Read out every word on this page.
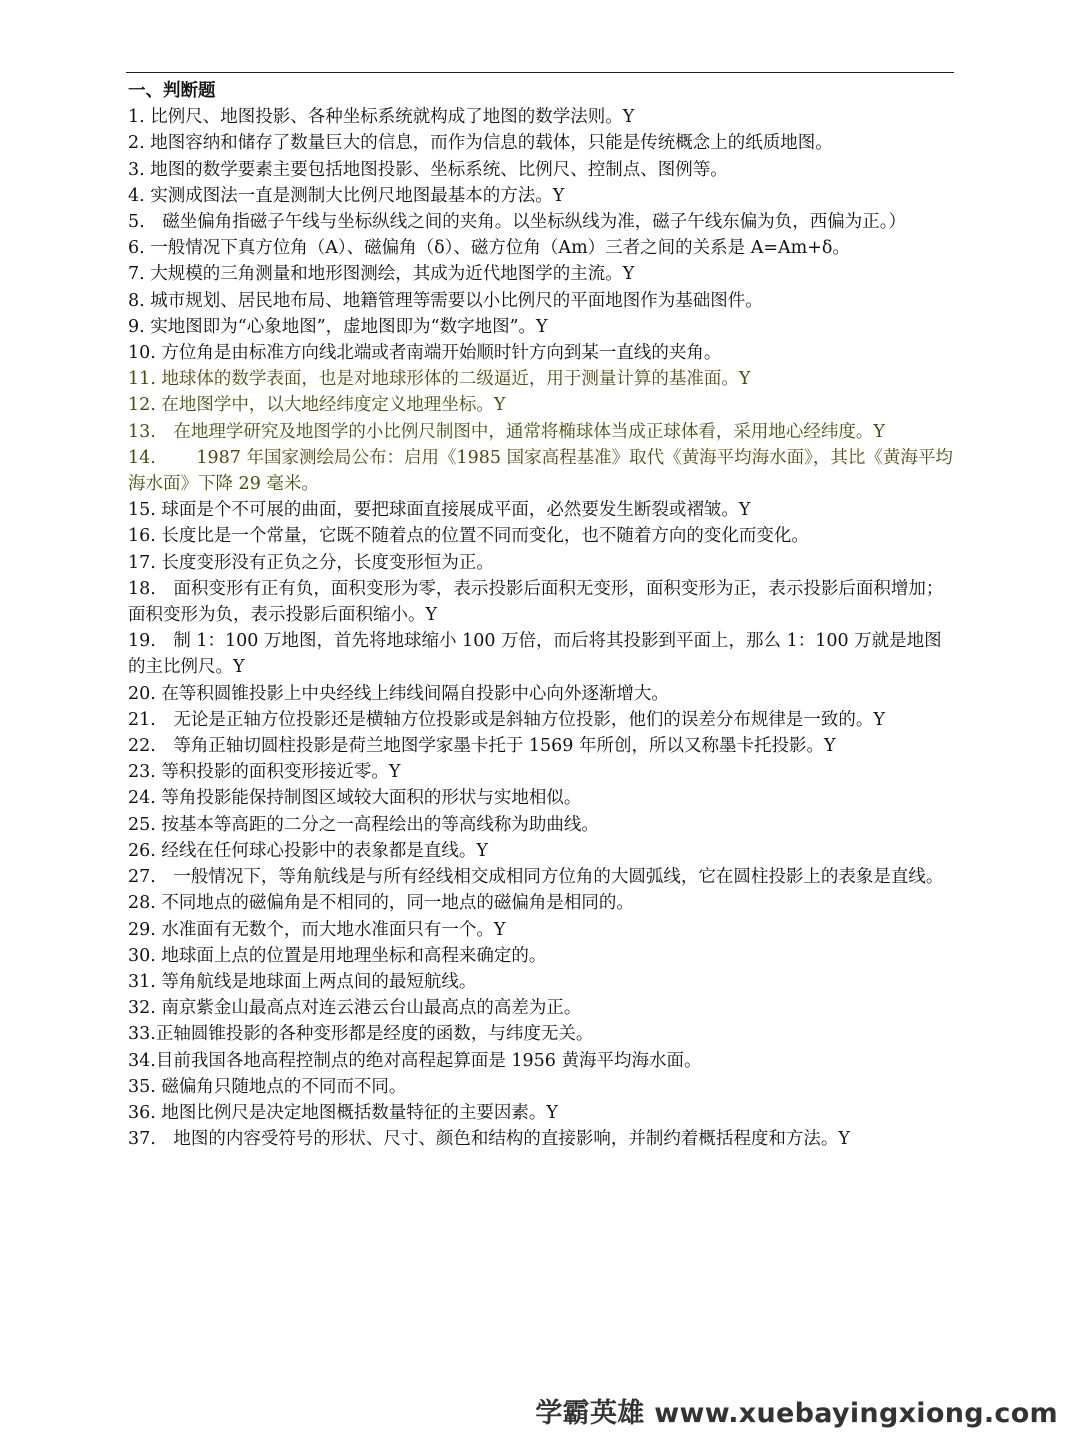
一、判断题

1. 比例尺、地图投影、各种坐标系统就构成了地图的数学法则。Y

2. 地图容纳和储存了数量巨大的信息，而作为信息的载体，只能是传统概念上的纸质地图。

3. 地图的数学要素主要包括地图投影、坐标系统、比例尺、控制点、图例等。

4. 实测成图法一直是测制大比例尺地图最基本的方法。Y

5.　磁坐偏角指磁子午线与坐标纵线之间的夹角。以坐标纵线为准，磁子午线东偏为负，西偏为正。）

6. 一般情况下真方位角（A）、磁偏角（δ）、磁方位角（Am）三者之间的关系是 A=Am+δ。

7. 大规模的三角测量和地形图测绘，其成为近代地图学的主流。Y

8. 城市规划、居民地布局、地籍管理等需要以小比例尺的平面地图作为基础图件。

9. 实地图即为“心象地图”，虚地图即为“数字地图”。Y

10. 方位角是由标准方向线北端或者南端开始顺时针方向到某一直线的夹角。

11. 地球体的数学表面，也是对地球形体的二级逼近，用于测量计算的基准面。Y

12. 在地图学中，以大地经纬度定义地理坐标。Y

13.　在地理学研究及地图学的小比例尺制图中，通常将椭球体当成正球体看，采用地心经纬度。Y

14.　　 1987 年国家测绘局公布：启用《1985 国家高程基准》取代《黄海平均海水面》，其比《黄海平均海水面》下降 29 毫米。

15. 球面是个不可展的曲面，要把球面直接展成平面，必然要发生断裂或褶皱。Y

16. 长度比是一个常量，它既不随着点的位置不同而变化，也不随着方向的变化而变化。

17. 长度变形没有正负之分，长度变形恒为正。

18.　面积变形有正有负，面积变形为零，表示投影后面积无变形，面积变形为正，表示投影后面积增加；面积变形为负，表示投影后面积缩小。Y

19.　制 1：100 万地图，首先将地球缩小 100 万倍，而后将其投影到平面上，那么 1：100 万就是地图的主比例尺。Y

20. 在等积圆锥投影上中央经线上纬线间隔自投影中心向外逐渐增大。

21.　无论是正轴方位投影还是横轴方位投影或是斜轴方位投影，他们的误差分布规律是一致的。Y

22.　等角正轴切圆柱投影是荷兰地图学家墨卡托于 1569 年所创，所以又称墨卡托投影。Y

23. 等积投影的面积变形接近零。Y

24. 等角投影能保持制图区域较大面积的形状与实地相似。

25. 按基本等高距的二分之一高程绘出的等高线称为助曲线。

26. 经线在任何球心投影中的表象都是直线。Y

27.　一般情况下，等角航线是与所有经线相交成相同方位角的大圆弧线，它在圆柱投影上的表象是直线。

28. 不同地点的磁偏角是不相同的，同一地点的磁偏角是相同的。

29. 水准面有无数个，而大地水准面只有一个。Y

30. 地球面上点的位置是用地理坐标和高程来确定的。

31. 等角航线是地球面上两点间的最短航线。

32. 南京紫金山最高点对连云港云台山最高点的高差为正。

33.正轴圆锥投影的各种变形都是经度的函数，与纬度无关。

34.目前我国各地高程控制点的绝对高程起算面是 1956 黄海平均海水面。

35. 磁偏角只随地点的不同而不同。

36. 地图比例尺是决定地图概括数量特征的主要因素。Y

37.　地图的内容受符号的形状、尺寸、颜色和结构的直接影响，并制约着概括程度和方法。Y

学霸英雄 www.xuebayingxiong.com
